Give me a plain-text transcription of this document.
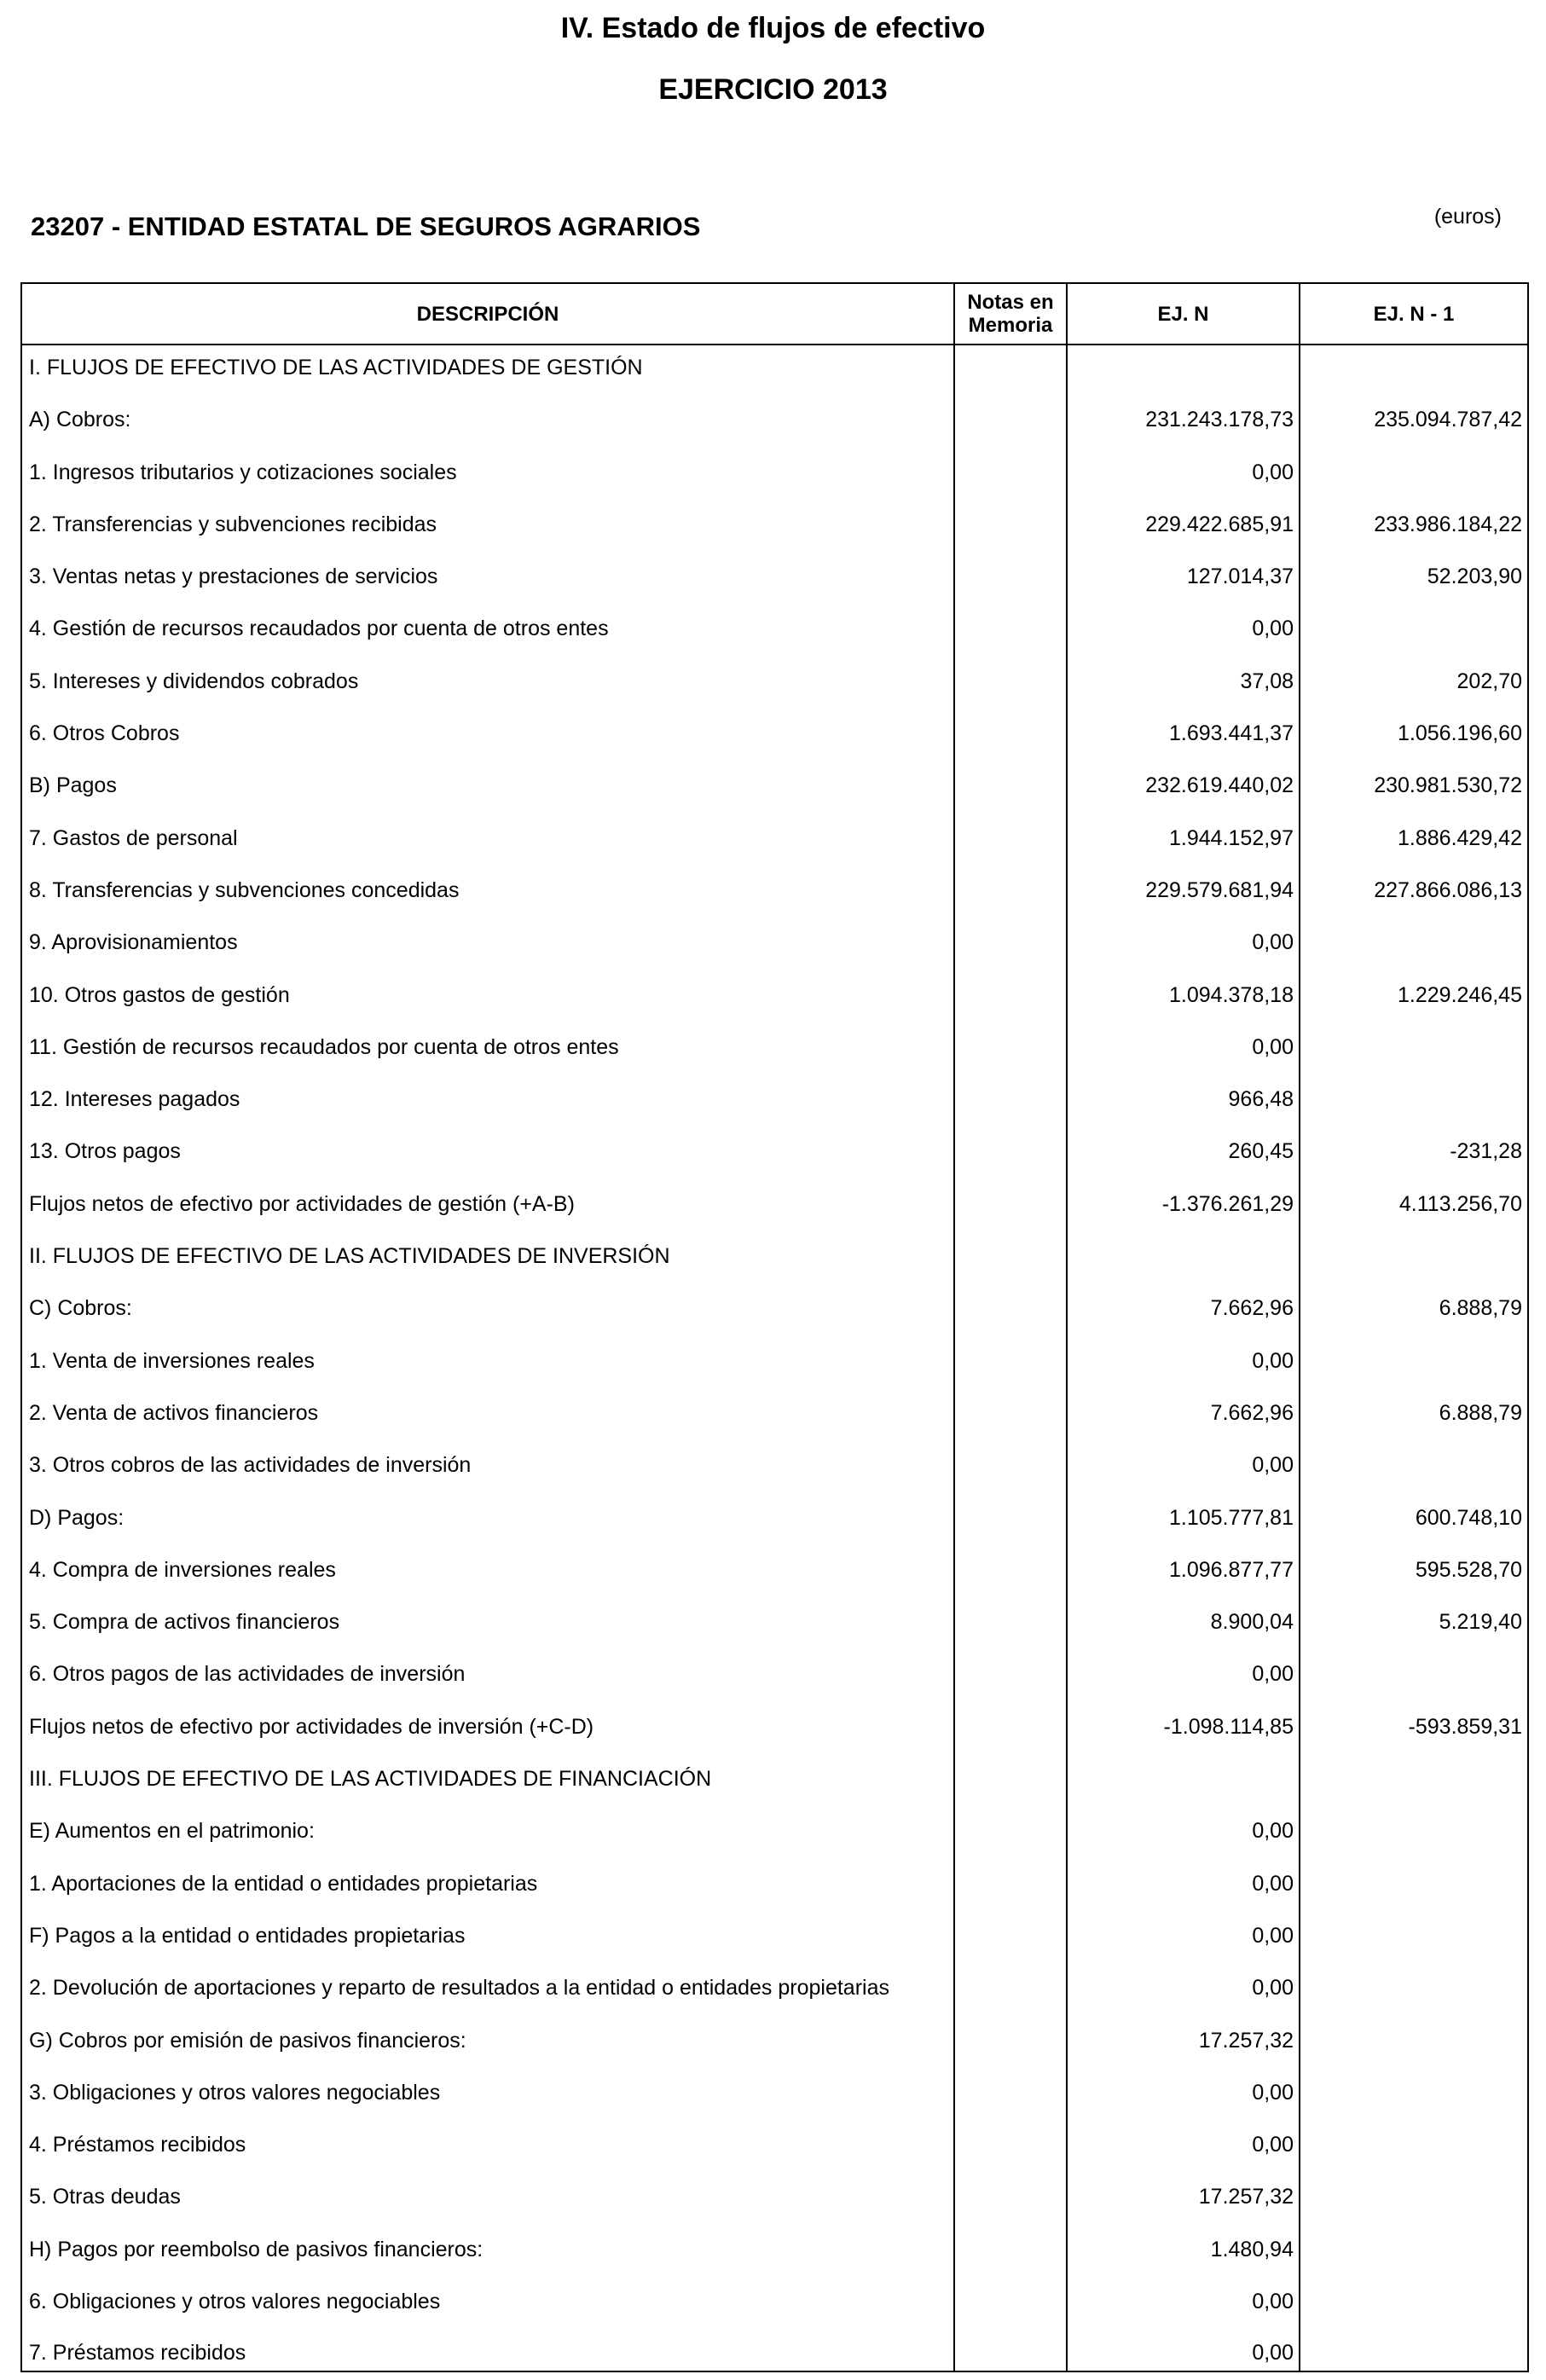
IV. Estado de flujos de efectivo
EJERCICIO 2013
23207 - ENTIDAD ESTATAL DE SEGUROS AGRARIOS	(euros)
DESCRIPCIÓN	Notas en Memoria	EJ. N	EJ. N - 1
I. FLUJOS DE EFECTIVO DE LAS ACTIVIDADES DE GESTIÓN			
A) Cobros:		231.243.178,73	235.094.787,42
1. Ingresos tributarios y cotizaciones sociales		0,00	
2. Transferencias y subvenciones recibidas		229.422.685,91	233.986.184,22
3. Ventas netas y prestaciones de servicios		127.014,37	52.203,90
4. Gestión de recursos recaudados por cuenta de otros entes		0,00	
5. Intereses y dividendos cobrados		37,08	202,70
6. Otros Cobros		1.693.441,37	1.056.196,60
B) Pagos		232.619.440,02	230.981.530,72
7. Gastos de personal		1.944.152,97	1.886.429,42
8. Transferencias y subvenciones concedidas		229.579.681,94	227.866.086,13
9. Aprovisionamientos		0,00	
10. Otros gastos de gestión		1.094.378,18	1.229.246,45
11. Gestión de recursos recaudados por cuenta de otros entes		0,00	
12. Intereses pagados		966,48	
13. Otros pagos		260,45	-231,28
Flujos netos de efectivo por actividades de gestión (+A-B)		-1.376.261,29	4.113.256,70
II. FLUJOS DE EFECTIVO DE LAS ACTIVIDADES DE INVERSIÓN			
C) Cobros:		7.662,96	6.888,79
1. Venta de inversiones reales		0,00	
2. Venta de activos financieros		7.662,96	6.888,79
3. Otros cobros de las actividades de inversión		0,00	
D) Pagos:		1.105.777,81	600.748,10
4. Compra de inversiones reales		1.096.877,77	595.528,70
5. Compra de activos financieros		8.900,04	5.219,40
6. Otros pagos de las actividades de inversión		0,00	
Flujos netos de efectivo por actividades de inversión (+C-D)		-1.098.114,85	-593.859,31
III. FLUJOS DE EFECTIVO DE LAS ACTIVIDADES DE FINANCIACIÓN			
E) Aumentos en el patrimonio:		0,00	
1. Aportaciones de la entidad o entidades propietarias		0,00	
F) Pagos a la entidad o entidades propietarias		0,00	
2. Devolución de aportaciones y reparto de resultados a la entidad o entidades propietarias		0,00	
G) Cobros por emisión de pasivos financieros:		17.257,32	
3. Obligaciones y otros valores negociables		0,00	
4. Préstamos recibidos		0,00	
5. Otras deudas		17.257,32	
H) Pagos por reembolso de pasivos financieros:		1.480,94	
6. Obligaciones y otros valores negociables		0,00	
7. Préstamos recibidos		0,00	
